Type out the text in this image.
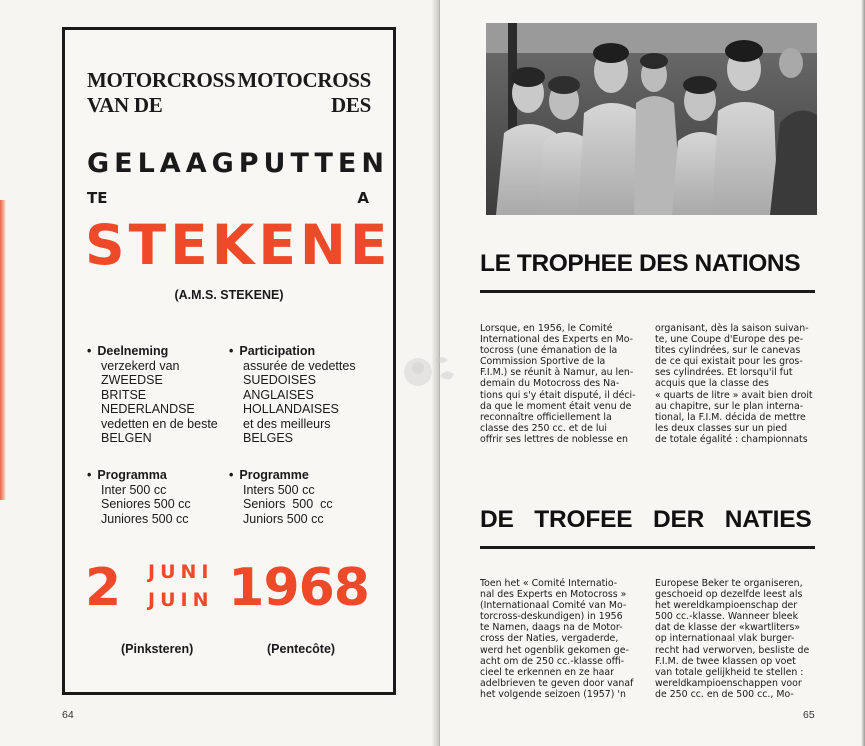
MOTORCROSS MOTOCROSS
VAN DE	DES
GELAAGPUTTEN
TE	A
STEKENE
(A.M.S. STEKENE)
• Deelneming
verzekerd van
ZWEEDSE
BRITSE
NEDERLANDSE
vedetten en de beste
BELGEN
• Participation
assurée de vedettes
SUEDOISES
ANGLAISES
HOLLANDAISES
et des meilleurs
BELGES
• Programma
Inter 500 cc
Seniores 500 cc
Juniores 500 cc
• Programme
Inters 500 cc
Seniors  500  cc
Juniors 500 cc
2 JUNI
JUIN 1968
(Pinksteren)	(Pentecôte)
64
LE TROPHEE DES NATIONS
Lorsque, en 1956, le Comité
International des Experts en Mo-
tocross (une émanation de la
Commission Sportive de la
F.I.M.) se réunit à Namur, au len-
demain du Motocross des Na-
tions qui s'y était disputé, il déci-
da que le moment était venu de
reconnaître officiellement la
classe des 250 cc. et de lui
offrir ses lettres de noblesse en
organisant, dès la saison suivan-
te, une Coupe d'Europe des pe-
tites cylindrées, sur le canevas
de ce qui existait pour les gros-
ses cylindrées. Et lorsqu'il fut
acquis que la classe des
« quarts de litre » avait bien droit
au chapitre, sur le plan interna-
tional, la F.I.M. décida de mettre
les deux classes sur un pied
de totale égalité : championnats
DE TROFEE DER NATIES
Toen het « Comité Internatio-
nal des Experts en Motocross »
(Internationaal Comité van Mo-
torcross-deskundigen) in 1956
te Namen, daags na de Motor-
cross der Naties, vergaderde,
werd het ogenblik gekomen ge-
acht om de 250 cc.-klasse offi-
cieel te erkennen en ze haar
adelbrieven te geven door vanaf
het volgende seizoen (1957) 'n
Europese Beker te organiseren,
geschoeid op dezelfde leest als
het wereldkampioenschap der
500 cc.-klasse. Wanneer bleek
dat de klasse der «kwartliters»
op internationaal vlak burger-
recht had verworven, besliste de
F.I.M. de twee klassen op voet
van totale gelijkheid te stellen :
wereldkampioenschappen voor
de 250 cc. en de 500 cc., Mo-
65
